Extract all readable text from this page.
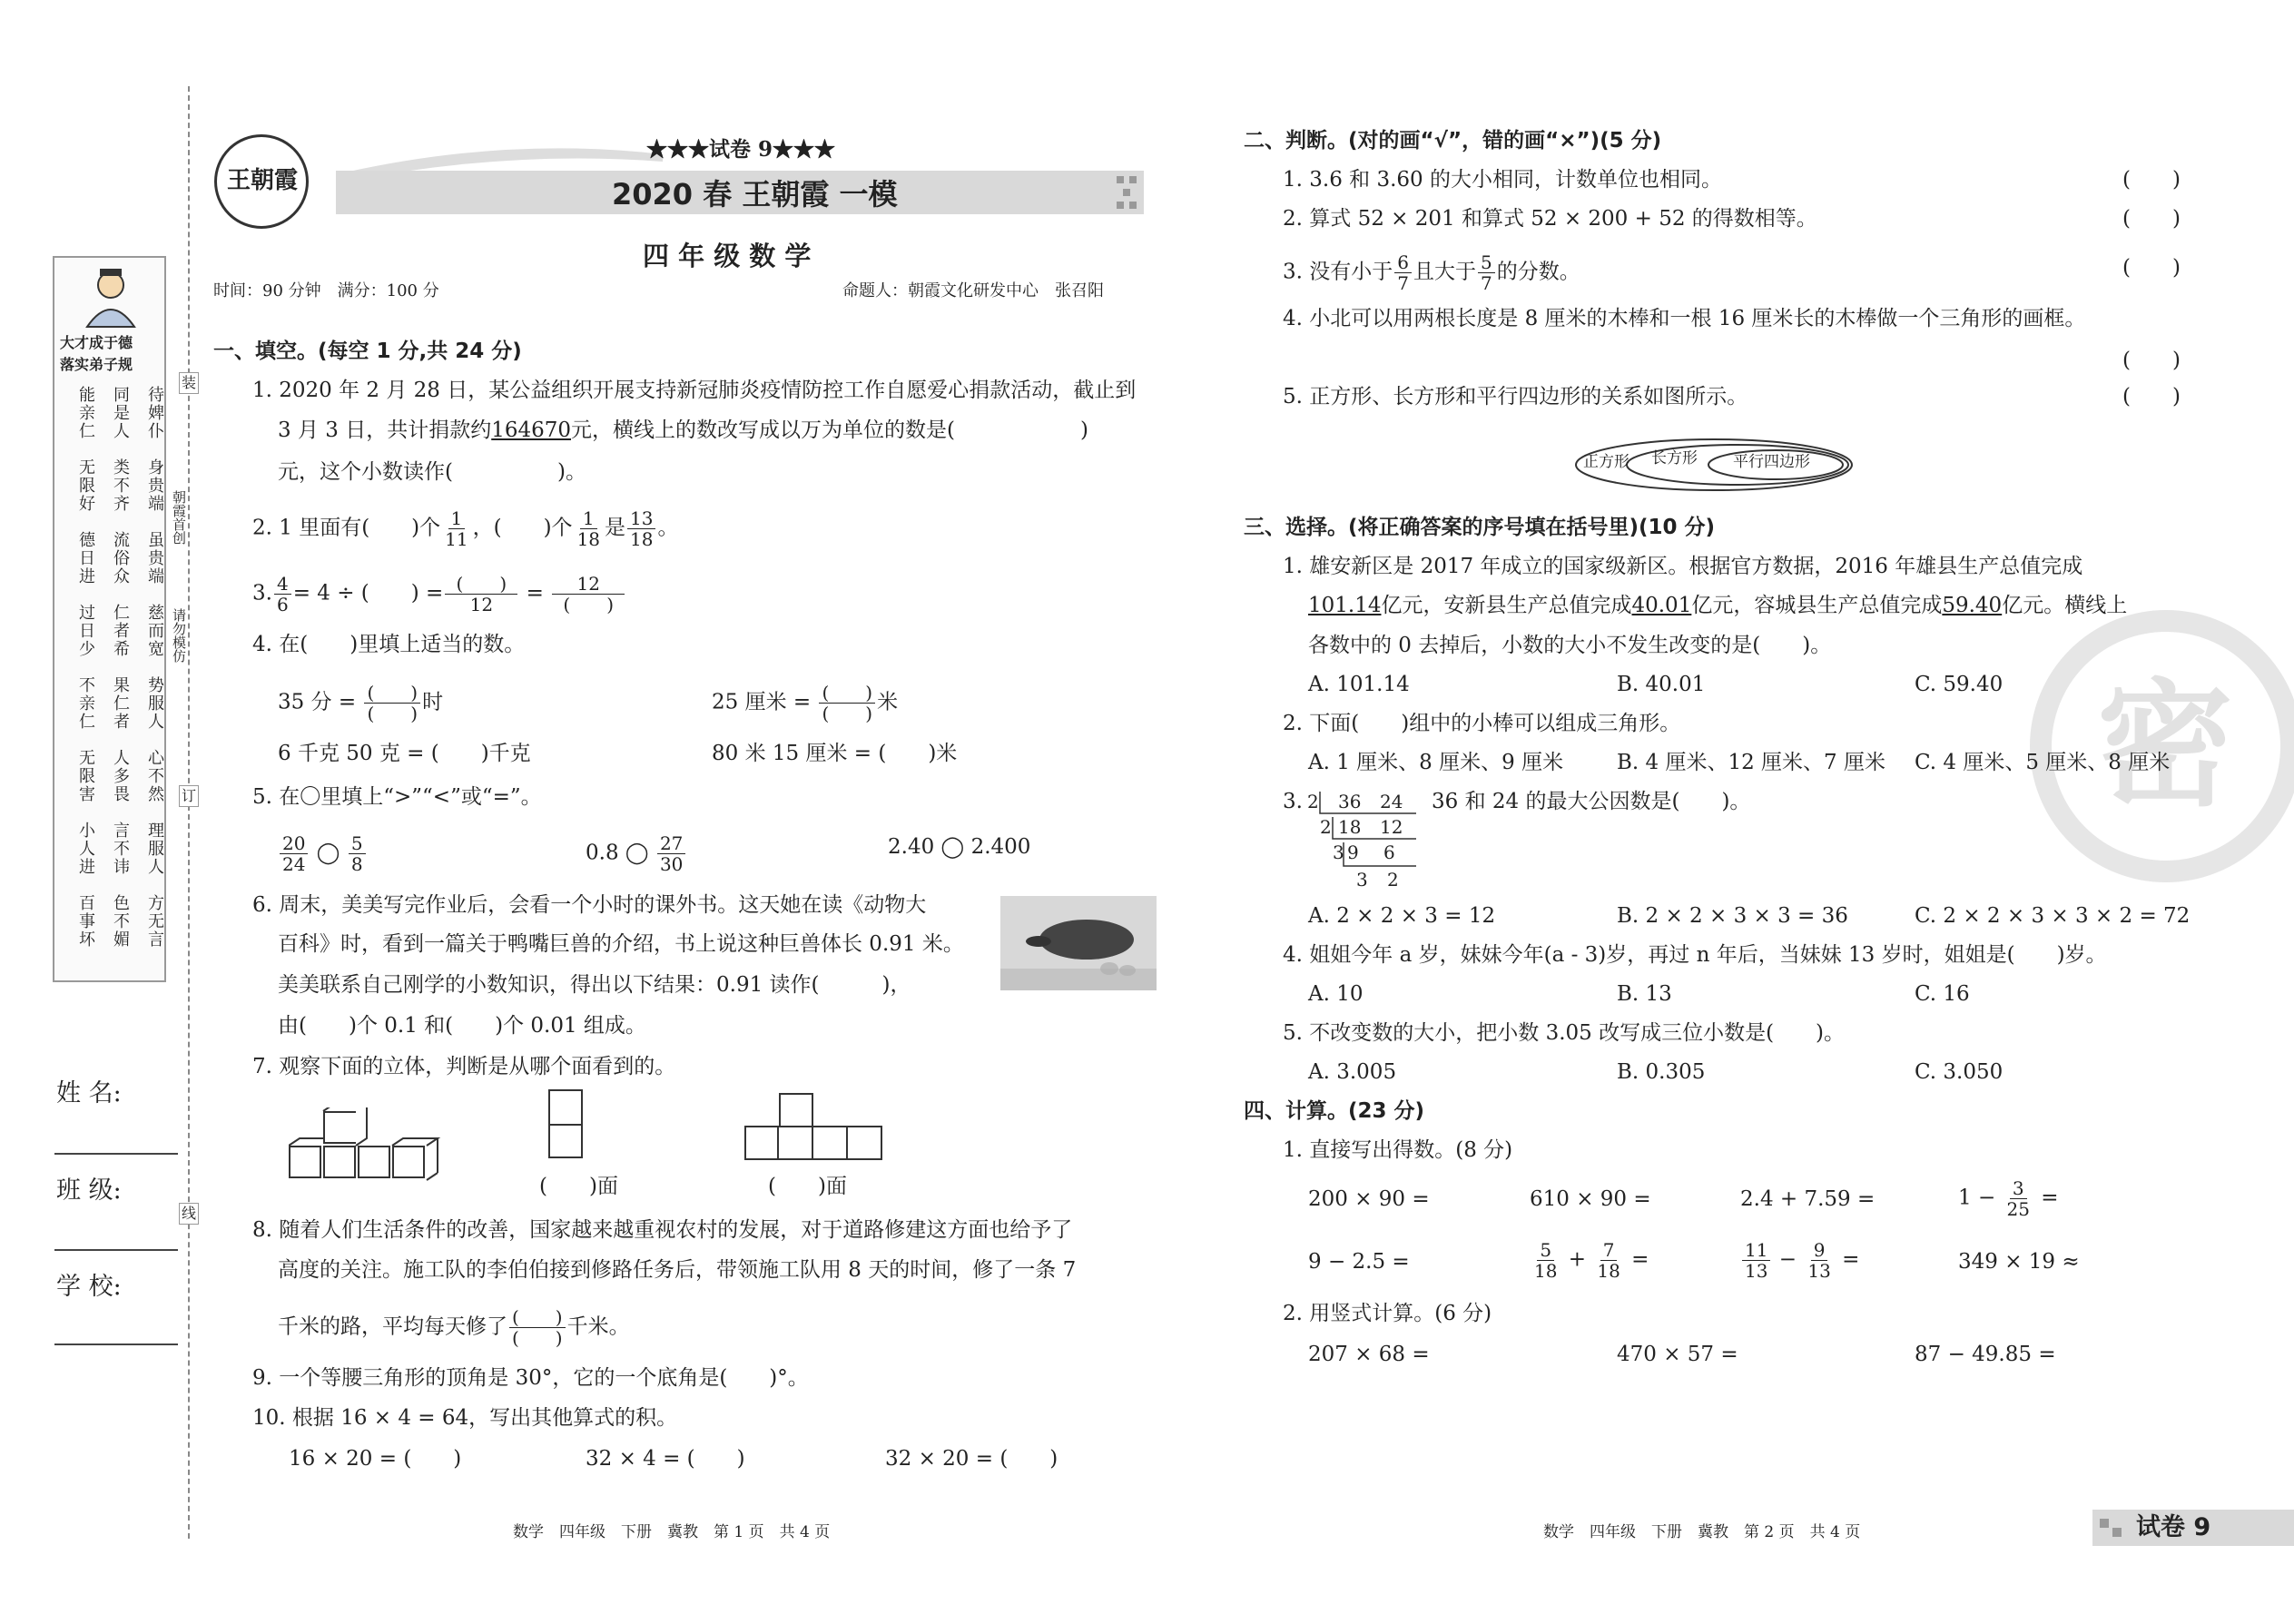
装
订
线
朝霞首创
请勿模仿
大才成于德
落实弟子规
能亲仁 同是人 待婢仆
无限好 类不齐 身贵端
德日进 流俗众 虽贵端
过日少 仁者希 慈而宽
不亲仁 果仁者 势服人
无限害 人多畏 心不然
小人进 言不讳 理服人
百事坏 色不媚 方无言
姓 名:
班 级:
学 校:
王朝霞
★★★试卷 9★★★
2020 春 王朝霞 一模
四 年 级 数 学
时间：90 分钟　满分：100 分	命题人：朝霞文化研发中心　张召阳
一、填空。(每空 1 分,共 24 分)
1. 2020 年 2 月 28 日，某公益组织开展支持新冠肺炎疫情防控工作自愿爱心捐款活动，截止到
3 月 3 日，共计捐款约164670元，横线上的数改写成以万为单位的数是(　　　　　　)
元，这个小数读作(　　　　　)。
2. 1 里面有(　　)个 $\frac{1}{11}$ ，(　　)个 $\frac{1}{18}$ 是 $\frac{13}{18}$ 。
3. $\frac{4}{6} = 4$ ÷ (　　) = $\frac{( )}{12} = \frac{12}{( )}$
4. 在(　　)里填上适当的数。
35 分 = $\frac{( )}{( )}$ 时	25 厘米 = $\frac{( )}{( )}$ 米
6 千克 50 克 = (　　)千克	80 米 15 厘米 = (　　)米
5. 在〇里填上“>”“<”或“=”。
$\frac{20}{24}$ ◯ $\frac{5}{8}$	0.8 ◯ $\frac{27}{30}$	2.40 ◯ 2.400
6. 周末，美美写完作业后，会看一个小时的课外书。这天她在读《动物大
百科》时，看到一篇关于鸭嘴巨兽的介绍，书上说这种巨兽体长 0.91 米。
美美联系自己刚学的小数知识，得出以下结果：0.91 读作(　　　)，
由(　　)个 0.1 和(　　)个 0.01 组成。
7. 观察下面的立体，判断是从哪个面看到的。
(　　)面	(　　)面
8. 随着人们生活条件的改善，国家越来越重视农村的发展，对于道路修建这方面也给予了
高度的关注。施工队的李伯伯接到修路任务后，带领施工队用 8 天的时间，修了一条 7
千米的路，平均每天修了 $\frac{( )}{( )}$ 千米。
9. 一个等腰三角形的顶角是 30°，它的一个底角是(　　)°。
10. 根据 16 × 4 = 64，写出其他算式的积。
16 × 20 = (　　)	32 × 4 = (　　)	32 × 20 = (　　)
数学　四年级　下册　冀教　第 1 页　共 4 页
密
二、判断。(对的画“√”，错的画“×”)(5 分)
1. 3.6 和 3.60 的大小相同，计数单位也相同。	(　　)
2. 算式 52 × 201 和算式 52 × 200 + 52 的得数相等。	(　　)
3. 没有小于 $\frac{6}{7}$ 且大于 $\frac{5}{7}$ 的分数。	(　　)
4. 小北可以用两根长度是 8 厘米的木棒和一根 16 厘米长的木棒做一个三角形的画框。
(　　)
5. 正方形、长方形和平行四边形的关系如图所示。	(　　)
正方形 长方形 平行四边形
三、选择。(将正确答案的序号填在括号里)(10 分)
1. 雄安新区是 2017 年成立的国家级新区。根据官方数据，2016 年雄县生产总值完成
101.14亿元，安新县生产总值完成40.01亿元，容城县生产总值完成59.40亿元。横线上
各数中的 0 去掉后，小数的大小不发生改变的是(　　)。
A. 101.14	B. 40.01	C. 59.40
2. 下面(　　)组中的小棒可以组成三角形。
A. 1 厘米、8 厘米、9 厘米	B. 4 厘米、12 厘米、7 厘米 C. 4 厘米、5 厘米、8 厘米
3. 2 36 24
2 18 12
3 9 6
3 2
36 和 24 的最大公因数是(　　)。
A. 2 × 2 × 3 = 12	B. 2 × 2 × 3 × 3 = 36	C. 2 × 2 × 3 × 3 × 2 = 72
4. 姐姐今年 a 岁，妹妹今年(a - 3)岁，再过 n 年后，当妹妹 13 岁时，姐姐是(　　)岁。
A. 10	B. 13	C. 16
5. 不改变数的大小，把小数 3.05 改写成三位小数是(　　)。
A. 3.005	B. 0.305	C. 3.050
四、计算。(23 分)
1. 直接写出得数。(8 分)
200 × 90 =	610 × 90 =	2.4 + 7.59 =	$1 - \frac{3}{25}$ =
9 − 2.5 =	$\frac{5}{18} + \frac{7}{18}$ =	$\frac{11}{13} - \frac{9}{13}$ =	349 × 19 ≈
2. 用竖式计算。(6 分)
207 × 68 =	470 × 57 =	87 − 49.85 =
数学　四年级　下册　冀教　第 2 页　共 4 页	试卷 9
